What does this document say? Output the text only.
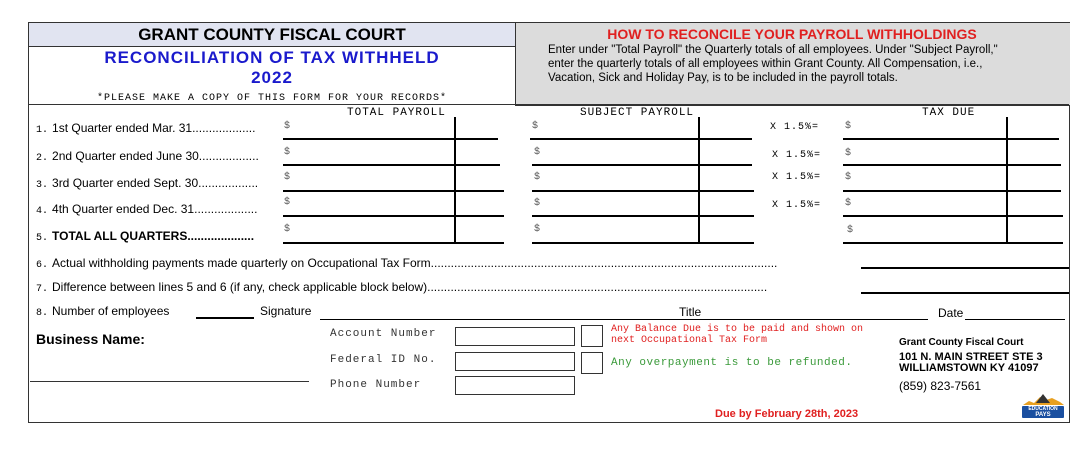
GRANT COUNTY FISCAL COURT
RECONCILIATION OF TAX WITHHELD
2022
*PLEASE MAKE A COPY OF THIS FORM FOR YOUR RECORDS*
HOW TO RECONCILE YOUR PAYROLL WITHHOLDINGS
Enter under "Total Payroll" the Quarterly totals of all employees. Under "Subject Payroll,"
enter the quarterly totals of all employees within Grant County. All Compensation, i.e.,
Vacation, Sick and Holiday Pay, is to be included in the payroll totals.
TOTAL PAYROLL	SUBJECT PAYROLL	TAX DUE
1. 1st Quarter ended Mar. 31...................	$	$	X 1.5%=	$
2. 2nd Quarter ended June 30..................	$	$	X 1.5%= $
3. 3rd Quarter ended Sept. 30..................	$	$	X 1.5%= $
4. 4th Quarter ended Dec. 31...................	$	$	X 1.5%= $
5. TOTAL ALL QUARTERS....................	$	$	$
6. Actual withholding payments made quarterly on Occupational Tax Form........................................................................................................
7. Difference between lines 5 and 6 (if any, check applicable block below)......................................................................................................
8. Number of employees	Signature	Title	Date
Business Name:	Account Number
Federal ID No.
Phone Number
Any Balance Due is to be paid and shown on
next Occupational Tax Form
Any overpayment is to be refunded.
Grant County Fiscal Court
101 N. MAIN STREET STE 3
WILLIAMSTOWN KY 41097
(859) 823-7561
Due by February 28th, 2023	EDUCATION
PAYS
